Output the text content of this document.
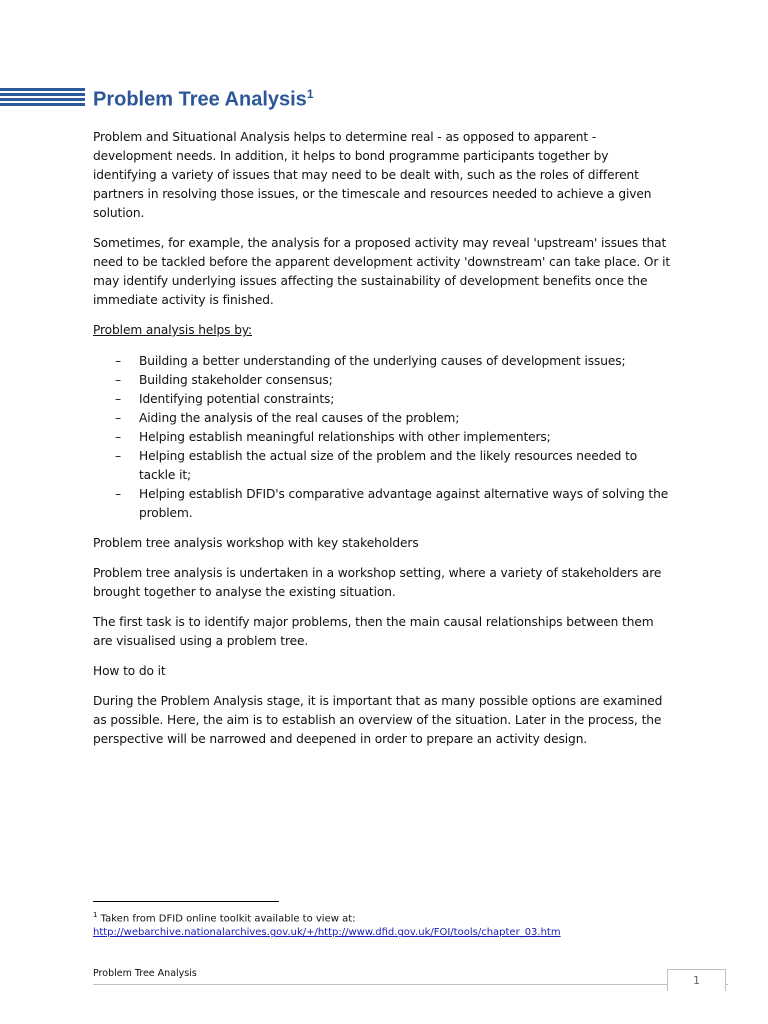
Problem Tree Analysis$^1$

Problem and Situational Analysis helps to determine real - as opposed to apparent - development needs. In addition, it helps to bond programme participants together by identifying a variety of issues that may need to be dealt with, such as the roles of different partners in resolving those issues, or the timescale and resources needed to achieve a given solution.

Sometimes, for example, the analysis for a proposed activity may reveal 'upstream' issues that need to be tackled before the apparent development activity 'downstream' can take place. Or it may identify underlying issues affecting the sustainability of development benefits once the immediate activity is finished.

Problem analysis helps by:

– Building a better understanding of the underlying causes of development issues;
– Building stakeholder consensus;
– Identifying potential constraints;
– Aiding the analysis of the real causes of the problem;
– Helping establish meaningful relationships with other implementers;
– Helping establish the actual size of the problem and the likely resources needed to tackle it;
– Helping establish DFID's comparative advantage against alternative ways of solving the problem.

Problem tree analysis workshop with key stakeholders

Problem tree analysis is undertaken in a workshop setting, where a variety of stakeholders are brought together to analyse the existing situation.

The first task is to identify major problems, then the main causal relationships between them are visualised using a problem tree.

How to do it

During the Problem Analysis stage, it is important that as many possible options are examined as possible. Here, the aim is to establish an overview of the situation. Later in the process, the perspective will be narrowed and deepened in order to prepare an activity design.

$^1$ Taken from DFID online toolkit available to view at:
http://webarchive.nationalarchives.gov.uk/+/http://www.dfid.gov.uk/FOI/tools/chapter_03.htm
Problem Tree Analysis
1
